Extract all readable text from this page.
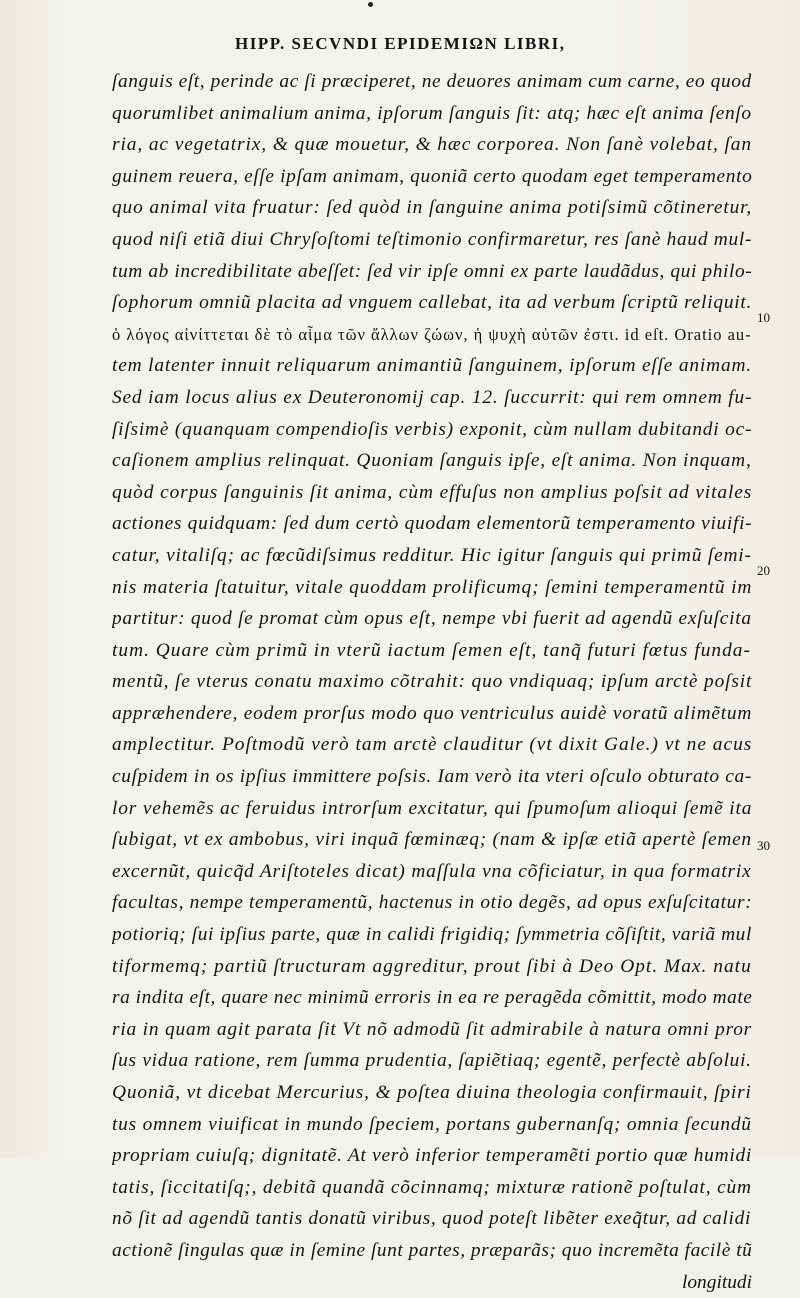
HIPP. SECVNDI EPIDEMIΩN LIBRI,
ſanguis eſt, perinde ac ſi præciperet, ne deuores animam cum carne, eo quod
quorumlibet animalium anima, ipſorum ſanguis ſit: atq; hæc eſt anima ſenſo
ria, ac vegetatrix, & quæ mouetur, & hæc corporea. Non ſanè volebat, ſan
guinem reuera, eſſe ipſam animam, quoniã certo quodam eget temperamento
quo animal vita fruatur: ſed quòd in ſanguine anima potiſsimũ cõtineretur,
quod niſi etiã diui Chryſoſtomi teſtimonio confirmaretur, res ſanè haud mul-
tum ab incredibilitate abeſſet: ſed vir ipſe omni ex parte laudãdus, qui philo-
ſophorum omniũ placita ad vnguem callebat, ita ad verbum ſcriptũ reliquit.
ὁ λόγος αἰνίττεται δὲ τὸ αἷμα τῶν ἄλλων ζώων, ἡ ψυχὴ αὐτῶν ἐστι. id eſt. Oratio au-
tem latenter innuit reliquarum animantiũ ſanguinem, ipſorum eſſe animam.
Sed iam locus alius ex Deuteronomij cap. 12. ſuccurrit: qui rem omnem fu-
ſiſsimè (quanquam compendioſis verbis) exponit, cùm nullam dubitandi oc-
caſionem amplius relinquat. Quoniam ſanguis ipſe, eſt anima. Non inquam,
quòd corpus ſanguinis ſit anima, cùm effuſus non amplius poſsit ad vitales
actiones quidquam: ſed dum certò quodam elementorũ temperamento viuifi-
catur, vitaliſq; ac fœcũdiſsimus redditur. Hic igitur ſanguis qui primũ ſemi-
nis materia ſtatuitur, vitale quoddam prolificumq; ſemini temperamentũ im
partitur: quod ſe promat cùm opus eſt, nempe vbi fuerit ad agendũ exſuſcita
tum. Quare cùm primũ in vterũ iactum ſemen eſt, tanq̃ futuri fœtus funda-
mentũ, ſe vterus conatu maximo cõtrahit: quo vndiquaq; ipſum arctè poſsit
appræhendere, eodem prorſus modo quo ventriculus auidè voratũ alimẽtum
amplectitur. Poſtmodũ verò tam arctè clauditur (vt dixit Gale.) vt ne acus
cuſpidem in os ipſius immittere poſsis. Iam verò ita vteri oſculo obturato ca-
lor vehemẽs ac feruidus introrſum excitatur, qui ſpumoſum alioqui ſemẽ ita
ſubigat, vt ex ambobus, viri inquã fœminæq; (nam & ipſæ etiã apertè ſemen
excernũt, quicq̃d Ariſtoteles dicat) maſſula vna cõficiatur, in qua formatrix
facultas, nempe temperamentũ, hactenus in otio degẽs, ad opus exſuſcitatur:
potioriq; ſui ipſius parte, quæ in calidi frigidiq; ſymmetria cõſiſtit, variã mul
tiformemq; partiũ ſtructuram aggreditur, prout ſibi à Deo Opt. Max. natu
ra indita eſt, quare nec minimũ erroris in ea re peragẽda cõmittit, modo mate
ria in quam agit parata ſit Vt nõ admodũ ſit admirabile à natura omni pror
ſus vidua ratione, rem ſumma prudentia, ſapiẽtiaq; egentẽ, perfectè abſolui.
Quoniã, vt dicebat Mercurius, & poſtea diuina theologia confirmauit, ſpiri
tus omnem viuificat in mundo ſpeciem, portans gubernanſq; omnia ſecundũ
propriam cuiuſq; dignitatẽ. At verò inferior temperamẽti portio quæ humidi
tatis, ſiccitatiſq;, debitã quandã cõcinnamq; mixturæ rationẽ poſtulat, cùm
nõ ſit ad agendũ tantis donatũ viribus, quod poteſt libẽter exeq̃tur, ad calidi
actionẽ ſingulas quæ in ſemine ſunt partes, præparãs; quo incremẽta facilè tũ
longitudi
10
20
30
